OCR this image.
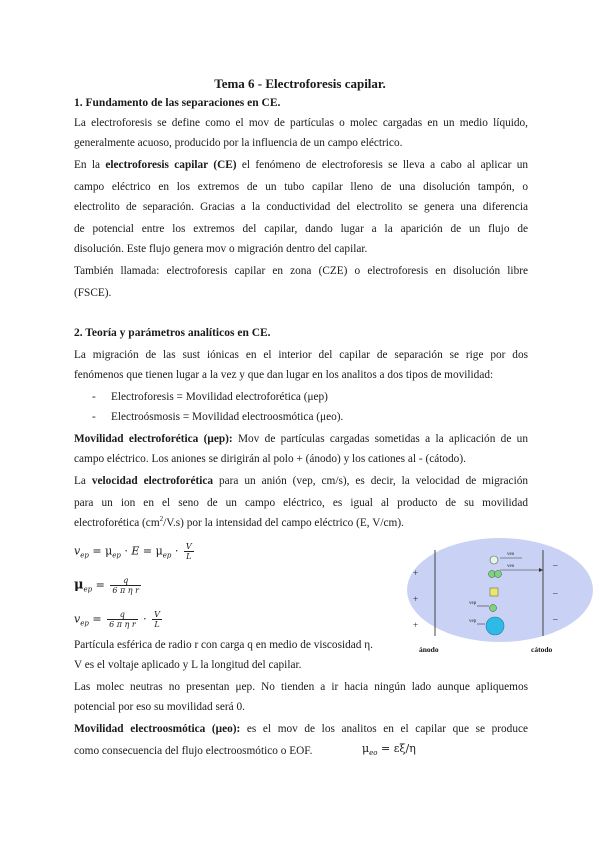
Tema 6 - Electroforesis capilar.
1. Fundamento de las separaciones en CE.
La electroforesis se define como el mov de partículas o molec cargadas en un medio líquido,
generalmente acuoso, producido por la influencia de un campo eléctrico.
En la electroforesis capilar (CE) el fenómeno de electroforesis se lleva a cabo al aplicar un
campo eléctrico en los extremos de un tubo capilar lleno de una disolución tampón, o
electrolito de separación. Gracias a la conductividad del electrolito se genera una diferencia
de potencial entre los extremos del capilar, dando lugar a la aparición de un flujo de
disolución. Este flujo genera mov o migración dentro del capilar.
También llamada: electroforesis capilar en zona (CZE) o electroforesis en disolución libre
(FSCE).
2. Teoría y parámetros analíticos en CE.
La migración de las sust iónicas en el interior del capilar de separación se rige por dos
fenómenos que tienen lugar a la vez y que dan lugar en los analitos a dos tipos de movilidad:
- Electroforesis = Movilidad electroforética (μep)
- Electroósmosis = Movilidad electroosmótica (μeo).
Movilidad electroforética (μep): Mov de partículas cargadas sometidas a la aplicación de un
campo eléctrico. Los aniones se dirigirán al polo + (ánodo) y los cationes al - (cátodo).
La velocidad electroforética para un anión (vep, cm/s), es decir, la velocidad de migración
para un ion en el seno de un campo eléctrico, es igual al producto de su movilidad
electroforética $(cm^2/V.s)$ por la intensidad del campo eléctrico (E, V/cm).
$v_{ep} = \mu_{ep} \cdot E = \mu_{ep} \cdot \frac{V}{L}$
$\mu_{ep} = \frac{q}{\text{6 π η r}}$
$v_{ep} = \frac{q}{\text{6 π η r}} \cdot \frac{V}{L}$
Partícula esférica de radio r con carga q en medio de viscosidad η.
V es el voltaje aplicado y L la longitud del capilar.
Las molec neutras no presentan μep. No tienden a ir hacia ningún lado aunque apliquemos
potencial por eso su movilidad será 0.
Movilidad electroosmótica (μeo): es el mov de los analitos en el capilar que se produce
como consecuencia del flujo electroosmótico o EOF.	$\mu_{eo} = \varepsilon\xi/\eta$
+
+
+
–
–
–
veo
veo
vep
vep
ánodo	cátodo
